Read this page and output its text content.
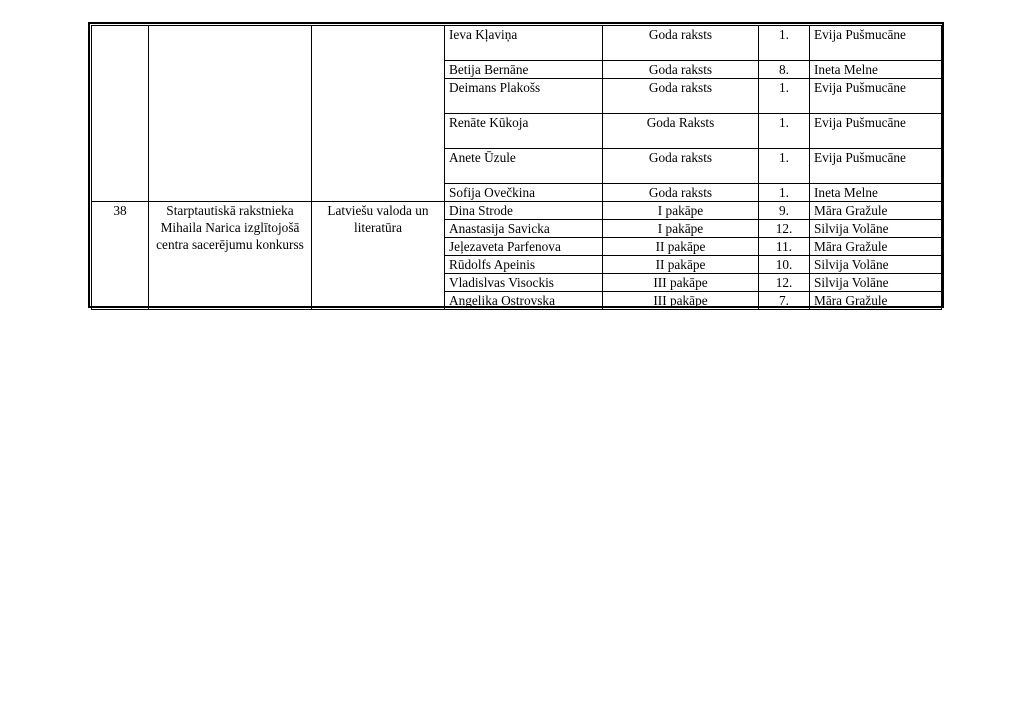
			Ieva Kļaviņa	Goda raksts	1.	Evija Pušmucāne
			Betija Bernāne	Goda raksts	8.	Ineta Melne
			Deimans Plakošs	Goda raksts	1.	Evija Pušmucāne
			Renāte Kūkoja	Goda Raksts	1.	Evija Pušmucāne
			Anete Ūzule	Goda raksts	1.	Evija Pušmucāne
			Sofija Ovečkina	Goda raksts	1.	Ineta Melne
38	Starptautiskā rakstnieka Mihaila Narica izglītojošā centra sacerējumu konkurss	Latviešu valoda un literatūra	Dina Strode	I pakāpe	9.	Māra Gražule
			Anastasija Savicka	I pakāpe	12.	Silvija Volāne
			Jeļezaveta Parfenova	II pakāpe	11.	Māra Gražule
			Rūdolfs Apeinis	II pakāpe	10.	Silvija Volāne
			Vladislvas Visockis	III pakāpe	12.	Silvija Volāne
			Angelika Ostrovska	III pakāpe	7.	Māra Gražule
